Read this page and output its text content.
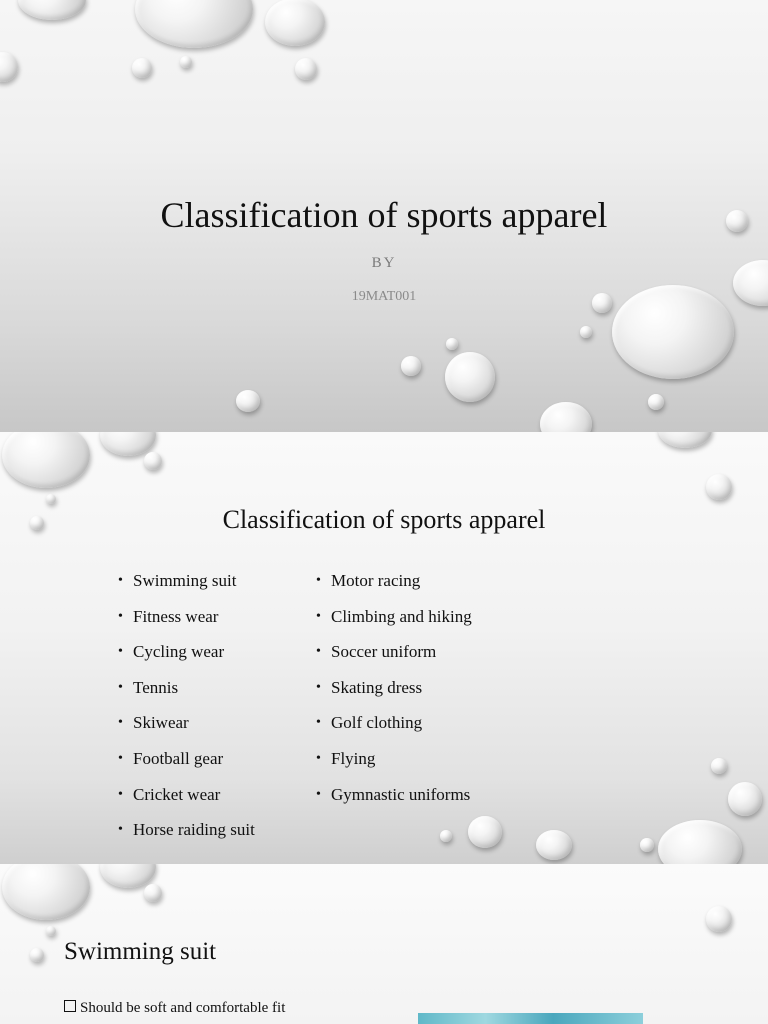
Classification of sports apparel
BY
19MAT001
Classification of sports apparel
• Swimming suit
• Fitness wear
• Cycling wear
• Tennis
• Skiwear
• Football gear
• Cricket wear
• Horse raiding suit
• Motor racing
• Climbing and hiking
• Soccer uniform
• Skating dress
• Golf clothing
• Flying
• Gymnastic uniforms
Swimming suit
Should be soft and comfortable fit
